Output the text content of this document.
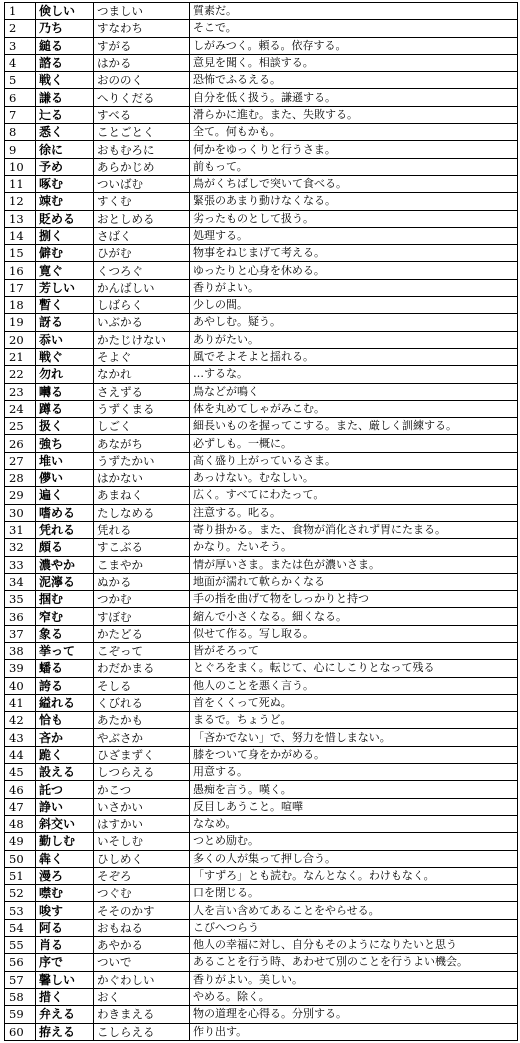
1	倹しい	つましい	質素だ。
2	乃ち	すなわち	そこで。
3	縋る	すがる	しがみつく。頼る。依存する。
4	諮る	はかる	意見を聞く。相談する。
5	戦く	おののく	恐怖でふるえる。
6	謙る	へりくだる	自分を低く扱う。謙遜する。
7	辷る	すべる	滑らかに進む。また、失敗する。
8	悉く	ことごとく	全て。何もかも。
9	徐に	おもむろに	何かをゆっくりと行うさま。
10	予め	あらかじめ	前もって。
11	啄む	ついばむ	鳥がくちばしで突いて食べる。
12	竦む	すくむ	緊張のあまり動けなくなる。
13	貶める	おとしめる	劣ったものとして扱う。
14	捌く	さばく	処理する。
15	僻む	ひがむ	物事をねじまげて考える。
16	寛ぐ	くつろぐ	ゆったりと心身を休める。
17	芳しい	かんばしい	香りがよい。
18	暫く	しばらく	少しの間。
19	訝る	いぶかる	あやしむ。疑う。
20	忝い	かたじけない	ありがたい。
21	戦ぐ	そよぐ	風でそよそよと揺れる。
22	勿れ	なかれ	…するな。
23	囀る	さえずる	鳥などが鳴く
24	蹲る	うずくまる	体を丸めてしゃがみこむ。
25	扱く	しごく	細長いものを握ってこする。また、厳しく訓練する。
26	強ち	あながち	必ずしも。一概に。
27	堆い	うずたかい	高く盛り上がっているさま。
28	儚い	はかない	あっけない。むなしい。
29	遍く	あまねく	広く。すべてにわたって。
30	嗜める	たしなめる	注意する。叱る。
31	凭れる	凭れる	寄り掛かる。また、食物が消化されず胃にたまる。
32	頗る	すこぶる	かなり。たいそう。
33	濃やか	こまやか	情が厚いさま。または色が濃いさま。
34	泥濘る	ぬかる	地面が濡れて軟らかくなる
35	掴む	つかむ	手の指を曲げて物をしっかりと持つ
36	窄む	すぼむ	縮んで小さくなる。細くなる。
37	象る	かたどる	似せて作る。写し取る。
38	挙って	こぞって	皆がそろって
39	蟠る	わだかまる	とぐろをまく。転じて、心にしこりとなって残る
40	誇る	そしる	他人のことを悪く言う。
41	縊れる	くびれる	首をくくって死ぬ。
42	恰も	あたかも	まるで。ちょうど。
43	吝か	やぶさか	「吝かでない」で、努力を惜しまない。
44	跪く	ひざまずく	膝をついて身をかがめる。
45	設える	しつらえる	用意する。
46	託つ	かこつ	愚痴を言う。嘆く。
47	諍い	いさかい	反目しあうこと。喧嘩
48	斜交い	はすかい	ななめ。
49	勤しむ	いそしむ	つとめ励む。
50	犇く	ひしめく	多くの人が集って押し合う。
51	漫ろ	そぞろ	「すずろ」とも読む。なんとなく。わけもなく。
52	噤む	つぐむ	口を閉じる。
53	唆す	そそのかす	人を言い含めてあることをやらせる。
54	阿る	おもねる	こびへつらう
55	肖る	あやかる	他人の幸福に対し、自分もそのようになりたいと思う
56	序で	ついで	あることを行う時、あわせて別のことを行うよい機会。
57	馨しい	かぐわしい	香りがよい。美しい。
58	措く	おく	やめる。除く。
59	弁える	わきまえる	物の道理を心得る。分別する。
60	拵える	こしらえる	作り出す。
